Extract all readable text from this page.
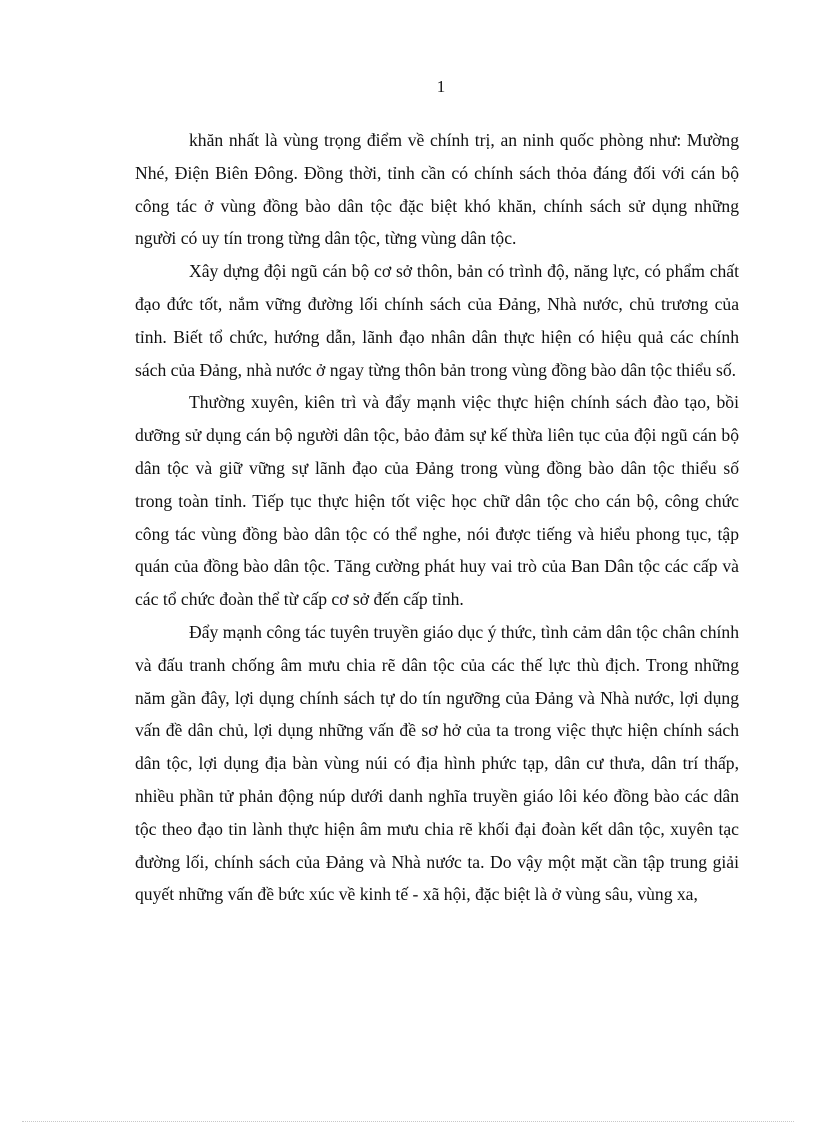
1

khăn nhất là vùng trọng điểm về chính trị, an ninh quốc phòng như: Mường Nhé, Điện Biên Đông. Đồng thời, tỉnh cần có chính sách thỏa đáng đối với cán bộ công tác ở vùng đồng bào dân tộc đặc biệt khó khăn, chính sách sử dụng những người có uy tín trong từng dân tộc, từng vùng dân tộc.

Xây dựng đội ngũ cán bộ cơ sở thôn, bản có trình độ, năng lực, có phẩm chất đạo đức tốt, nắm vững đường lối chính sách của Đảng, Nhà nước, chủ trương của tỉnh. Biết tổ chức, hướng dẫn, lãnh đạo nhân dân thực hiện có hiệu quả các chính sách của Đảng, nhà nước ở ngay từng thôn bản trong vùng đồng bào dân tộc thiểu số.

Thường xuyên, kiên trì và đẩy mạnh việc thực hiện chính sách đào tạo, bồi dưỡng sử dụng cán bộ người dân tộc, bảo đảm sự kế thừa liên tục của đội ngũ cán bộ dân tộc và giữ vững sự lãnh đạo của Đảng trong vùng đồng bào dân tộc thiểu số trong toàn tỉnh. Tiếp tục thực hiện tốt việc học chữ dân tộc cho cán bộ, công chức công tác vùng đồng bào dân tộc có thể nghe, nói được tiếng và hiểu phong tục, tập quán của đồng bào dân tộc. Tăng cường phát huy vai trò của Ban Dân tộc các cấp và các tổ chức đoàn thể từ cấp cơ sở đến cấp tỉnh.

Đẩy mạnh công tác tuyên truyền giáo dục ý thức, tình cảm dân tộc chân chính và đấu tranh chống âm mưu chia rẽ dân tộc của các thế lực thù địch. Trong những năm gần đây, lợi dụng chính sách tự do tín ngưỡng của Đảng và Nhà nước, lợi dụng vấn đề dân chủ, lợi dụng những vấn đề sơ hở của ta trong việc thực hiện chính sách dân tộc, lợi dụng địa bàn vùng núi có địa hình phức tạp, dân cư thưa, dân trí thấp, nhiều phần tử phản động núp dưới danh nghĩa truyền giáo lôi kéo đồng bào các dân tộc theo đạo tin lành thực hiện âm mưu chia rẽ khối đại đoàn kết dân tộc, xuyên tạc đường lối, chính sách của Đảng và Nhà nước ta. Do vậy một mặt cần tập trung giải quyết những vấn đề bức xúc về kinh tế - xã hội, đặc biệt là ở vùng sâu, vùng xa,
